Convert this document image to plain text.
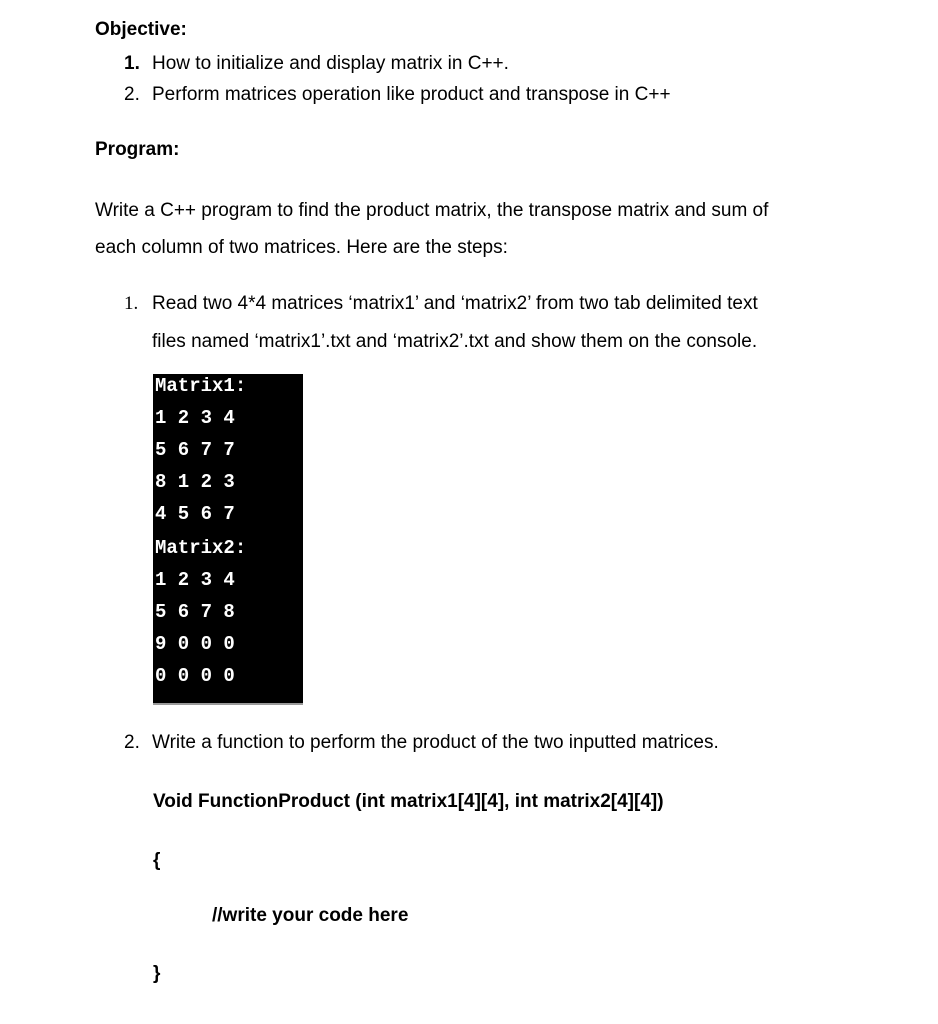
Objective:
1. How to initialize and display matrix in C++.
2. Perform matrices operation like product and transpose in C++
Program:
Write a C++ program to find the product matrix, the transpose matrix and sum of
each column of two matrices. Here are the steps:
1. Read two 4*4 matrices ‘matrix1’ and ‘matrix2’ from two tab delimited text
files named ‘matrix1’.txt and ‘matrix2’.txt and show them on the console.
Matrix1:
1 2 3 4
5 6 7 7
8 1 2 3
4 5 6 7
Matrix2:
1 2 3 4
5 6 7 8
9 0 0 0
0 0 0 0
2. Write a function to perform the product of the two inputted matrices.
Void FunctionProduct (int matrix1[4][4], int matrix2[4][4])
{
//write your code here
}
